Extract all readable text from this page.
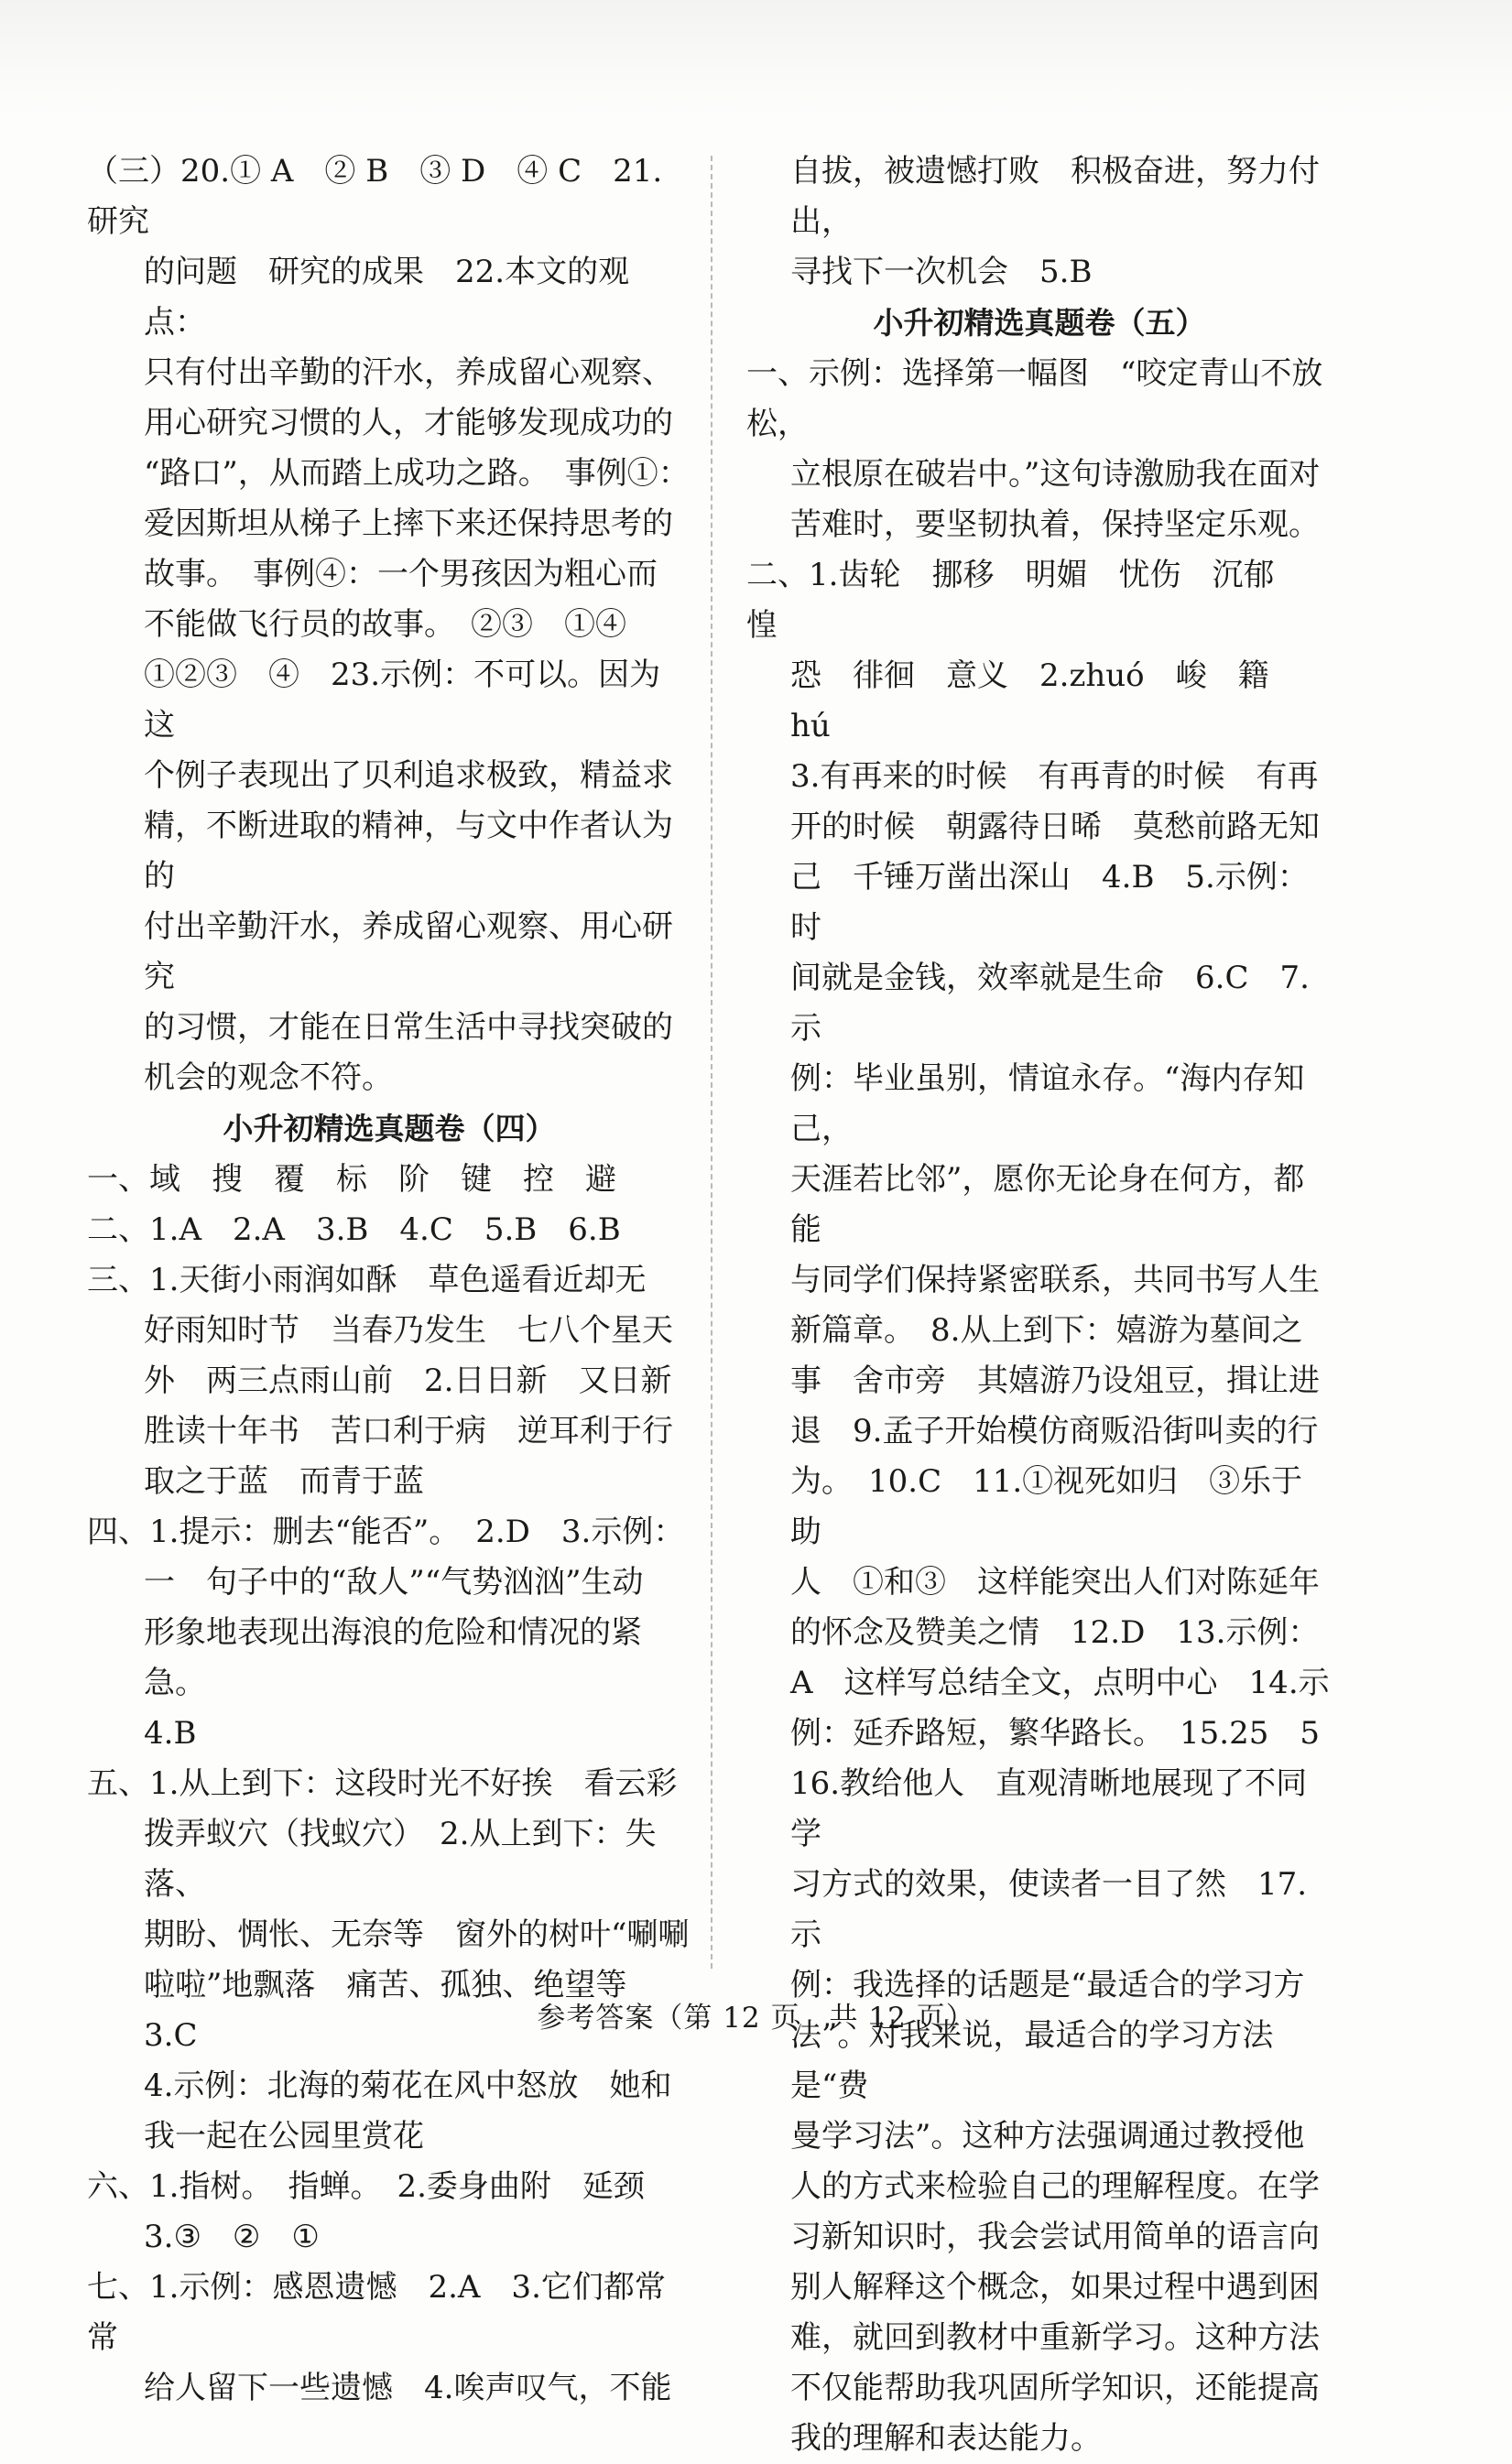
（三）20.① A　② B　③ D　④ C　21.研究

的问题　研究的成果　22.本文的观点：

只有付出辛勤的汗水，养成留心观察、

用心研究习惯的人，才能够发现成功的

“路口”，从而踏上成功之路。　事例①：

爱因斯坦从梯子上摔下来还保持思考的

故事。　事例④：一个男孩因为粗心而

不能做飞行员的故事。　②③　①④

①②③　④　23.示例：不可以。因为这

个例子表现出了贝利追求极致，精益求

精，不断进取的精神，与文中作者认为的

付出辛勤汗水，养成留心观察、用心研究

的习惯，才能在日常生活中寻找突破的

机会的观念不符。

小升初精选真题卷（四）

一、域　搜　覆　标　阶　键　控　避

二、1.A　2.A　3.B　4.C　5.B　6.B

三、1.天街小雨润如酥　草色遥看近却无

好雨知时节　当春乃发生　七八个星天

外　两三点雨山前　2.日日新　又日新

胜读十年书　苦口利于病　逆耳利于行

取之于蓝　而青于蓝

四、1.提示：删去“能否”。　2.D　3.示例：

一　句子中的“敌人”“气势汹汹”生动

形象地表现出海浪的危险和情况的紧急。

4.B

五、1.从上到下：这段时光不好挨　看云彩

拨弄蚁穴（找蚁穴）　2.从上到下：失落、

期盼、惆怅、无奈等　窗外的树叶“唰唰

啦啦”地飘落　痛苦、孤独、绝望等　3.C

4.示例：北海的菊花在风中怒放　她和

我一起在公园里赏花

六、1.指树。　指蝉。　2.委身曲附　延颈

3.③　②　①

七、1.示例：感恩遗憾　2.A　3.它们都常常

给人留下一些遗憾　4.唉声叹气，不能

自拔，被遗憾打败　积极奋进，努力付出，

寻找下一次机会　5.B

小升初精选真题卷（五）

一、示例：选择第一幅图　“咬定青山不放松，

立根原在破岩中。”这句诗激励我在面对

苦难时，要坚韧执着，保持坚定乐观。

二、1.齿轮　挪移　明媚　忧伤　沉郁　惶

恐　徘徊　意义　2.zhuó　峻　籍　hú

3.有再来的时候　有再青的时候　有再

开的时候　朝露待日晞　莫愁前路无知

己　千锤万凿出深山　4.B　5.示例：时

间就是金钱，效率就是生命　6.C　7.示

例：毕业虽别，情谊永存。“海内存知己，

天涯若比邻”，愿你无论身在何方，都能

与同学们保持紧密联系，共同书写人生

新篇章。　8.从上到下：嬉游为墓间之

事　舍市旁　其嬉游乃设俎豆，揖让进

退　9.孟子开始模仿商贩沿街叫卖的行

为。　10.C　11.①视死如归　③乐于助

人　①和③　这样能突出人们对陈延年

的怀念及赞美之情　12.D　13.示例：

A　这样写总结全文，点明中心　14.示

例：延乔路短，繁华路长。　15.25　5

16.教给他人　直观清晰地展现了不同学

习方式的效果，使读者一目了然　17.示

例：我选择的话题是“最适合的学习方

法”。对我来说，最适合的学习方法是“费

曼学习法”。这种方法强调通过教授他

人的方式来检验自己的理解程度。在学

习新知识时，我会尝试用简单的语言向

别人解释这个概念，如果过程中遇到困

难，就回到教材中重新学习。这种方法

不仅能帮助我巩固所学知识，还能提高

我的理解和表达能力。

参考答案（第 12 页　共 12 页）
